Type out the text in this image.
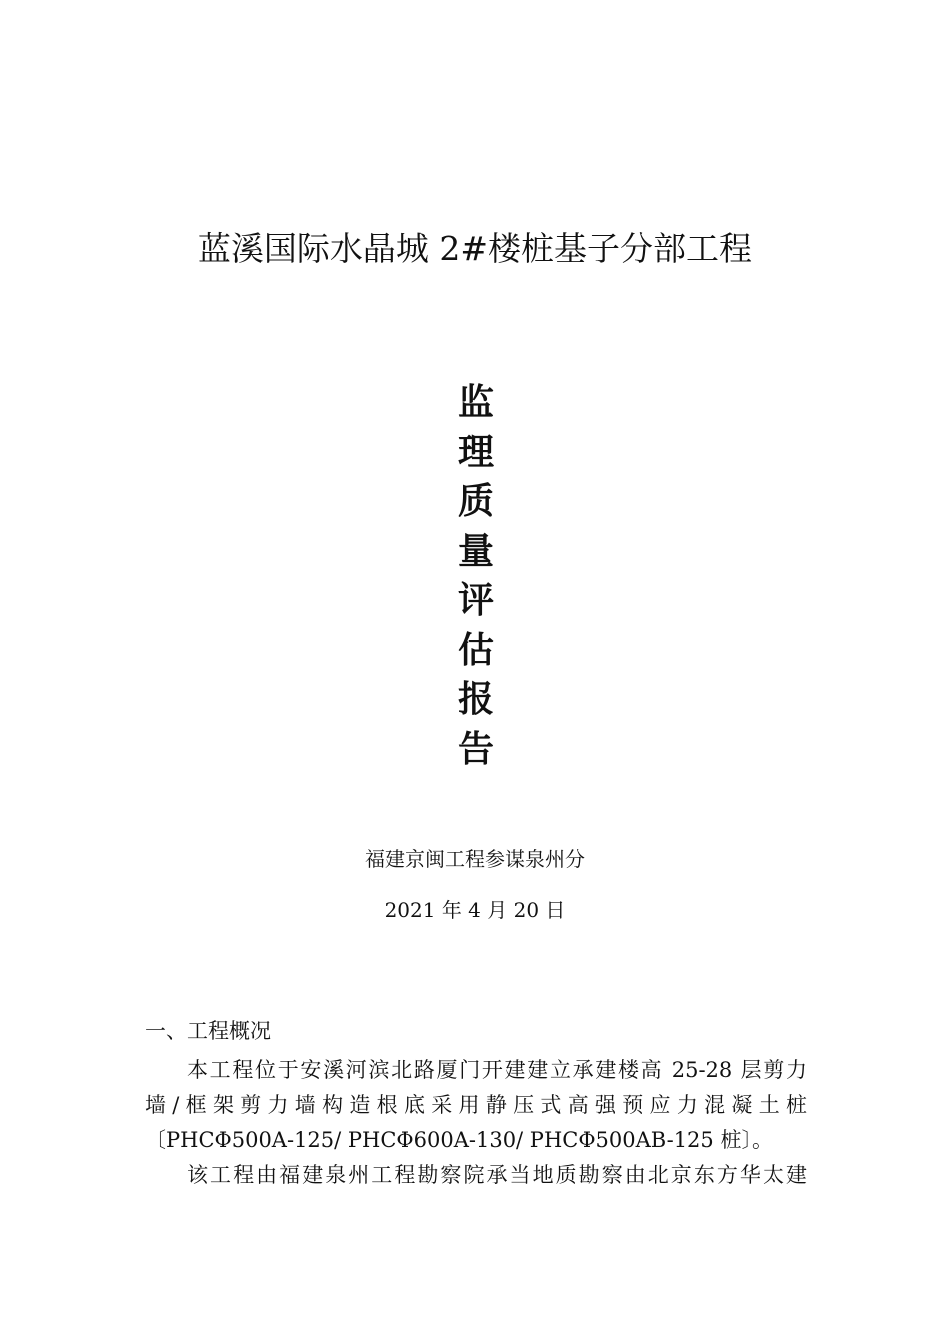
蓝溪国际水晶城 2#楼桩基子分部工程
监
理
质
量
评
估
报
告
福建京闽工程参谋泉州分
2021 年 4 月 20 日
一、工程概况
本工程位于安溪河滨北路厦门开建建立承建楼高 25-28 层剪力
墙/框架剪力墙构造根底采用静压式高强预应力混凝土桩
〔PHCΦ500A-125/ PHCΦ600A-130/ PHCΦ500AB-125 桩〕。
该工程由福建泉州工程勘察院承当地质勘察由北京东方华太建
